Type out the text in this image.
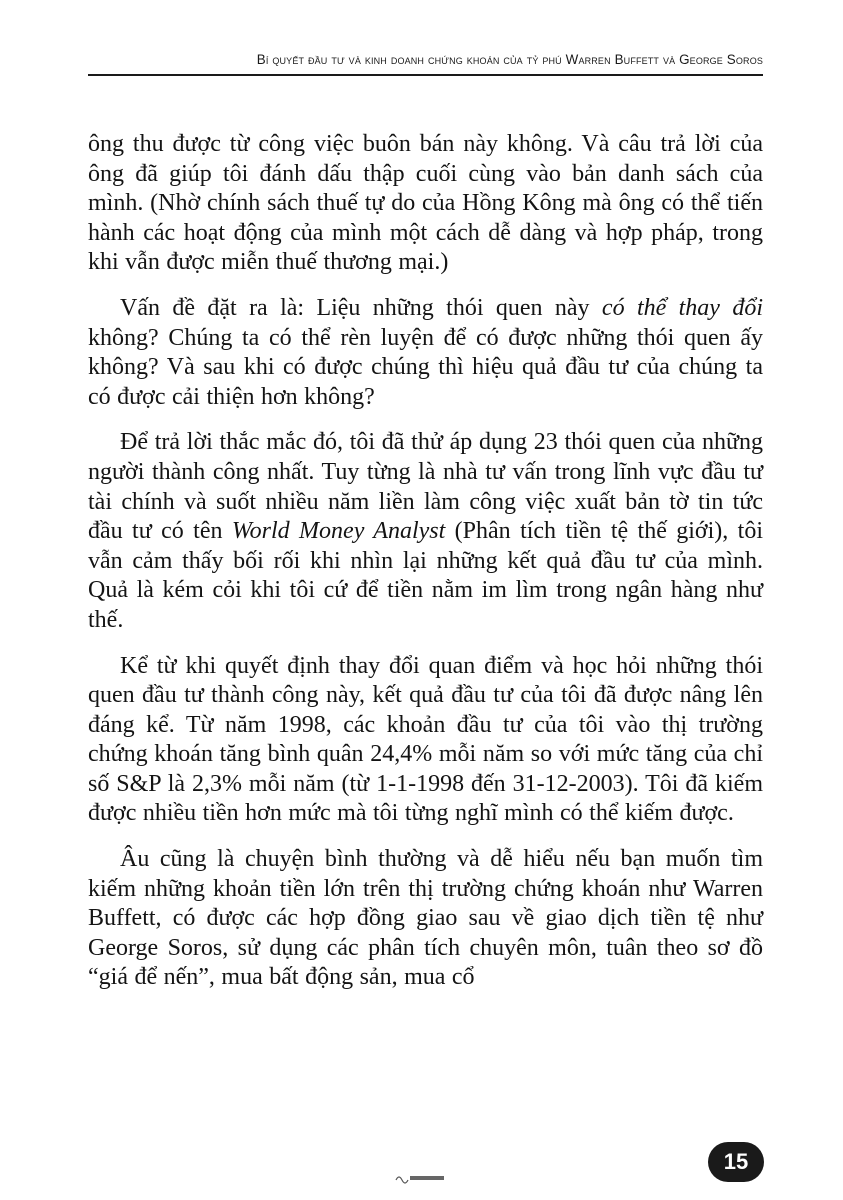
Bí quyết đầu tư và kinh doanh chứng khoán của tỷ phú Warren Buffett và George Soros

ông thu được từ công việc buôn bán này không. Và câu trả lời của ông đã giúp tôi đánh dấu thập cuối cùng vào bản danh sách của mình. (Nhờ chính sách thuế tự do của Hồng Kông mà ông có thể tiến hành các hoạt động của mình một cách dễ dàng và hợp pháp, trong khi vẫn được miễn thuế thương mại.)

Vấn đề đặt ra là: Liệu những thói quen này có thể thay đổi không? Chúng ta có thể rèn luyện để có được những thói quen ấy không? Và sau khi có được chúng thì hiệu quả đầu tư của chúng ta có được cải thiện hơn không?

Để trả lời thắc mắc đó, tôi đã thử áp dụng 23 thói quen của những người thành công nhất. Tuy từng là nhà tư vấn trong lĩnh vực đầu tư tài chính và suốt nhiều năm liền làm công việc xuất bản tờ tin tức đầu tư có tên World Money Analyst (Phân tích tiền tệ thế giới), tôi vẫn cảm thấy bối rối khi nhìn lại những kết quả đầu tư của mình. Quả là kém cỏi khi tôi cứ để tiền nằm im lìm trong ngân hàng như thế.

Kể từ khi quyết định thay đổi quan điểm và học hỏi những thói quen đầu tư thành công này, kết quả đầu tư của tôi đã được nâng lên đáng kể. Từ năm 1998, các khoản đầu tư của tôi vào thị trường chứng khoán tăng bình quân 24,4% mỗi năm so với mức tăng của chỉ số S&P là 2,3% mỗi năm (từ 1-1-1998 đến 31-12-2003). Tôi đã kiếm được nhiều tiền hơn mức mà tôi từng nghĩ mình có thể kiếm được.

Âu cũng là chuyện bình thường và dễ hiểu nếu bạn muốn tìm kiếm những khoản tiền lớn trên thị trường chứng khoán như Warren Buffett, có được các hợp đồng giao sau về giao dịch tiền tệ như George Soros, sử dụng các phân tích chuyên môn, tuân theo sơ đồ “giá để nến”, mua bất động sản, mua cổ

15
